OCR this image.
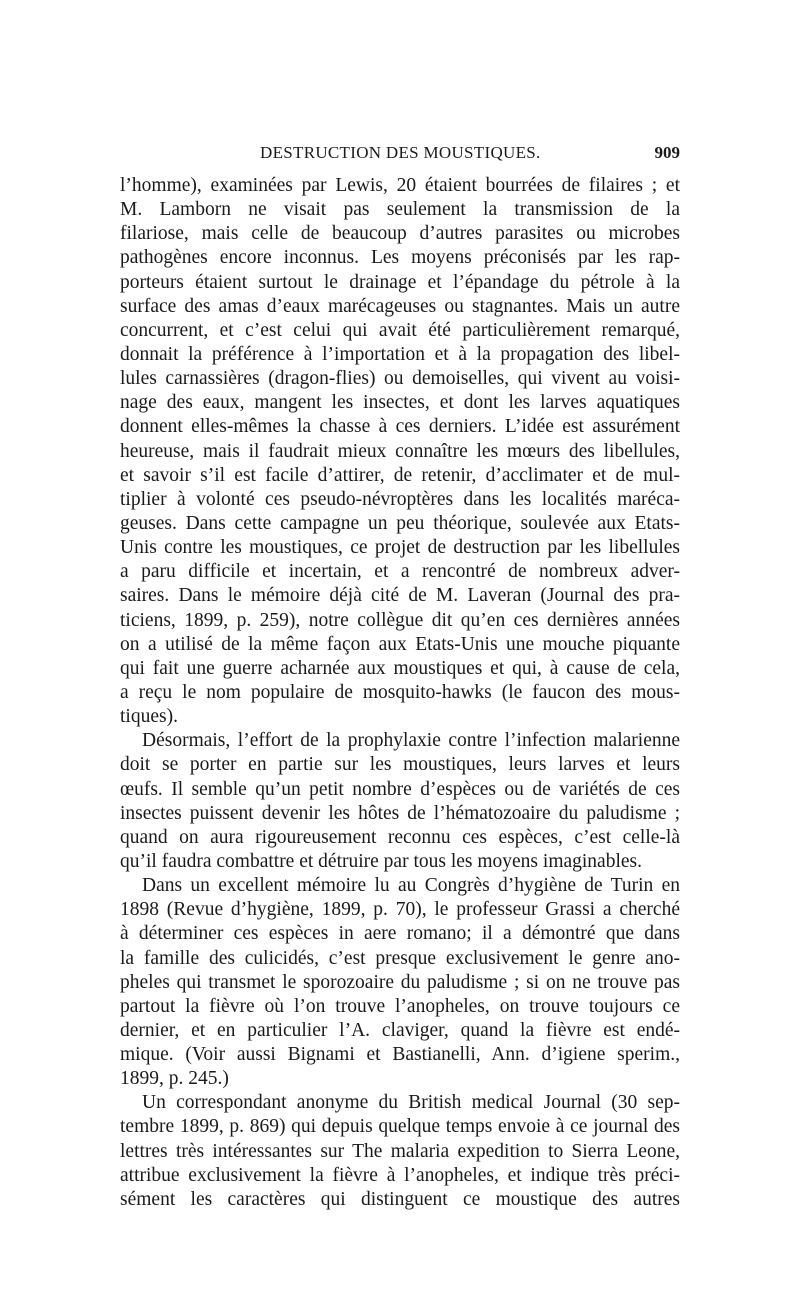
DESTRUCTION DES MOUSTIQUES.	909
l’homme), examinées par Lewis, 20 étaient bourrées de filaires ; et
M. Lamborn ne visait pas seulement la transmission de la
filariose, mais celle de beaucoup d’autres parasites ou microbes
pathogènes encore inconnus. Les moyens préconisés par les rap-
porteurs étaient surtout le drainage et l’épandage du pétrole à la
surface des amas d’eaux marécageuses ou stagnantes. Mais un autre
concurrent, et c’est celui qui avait été particulièrement remarqué,
donnait la préférence à l’importation et à la propagation des libel-
lules carnassières (dragon-flies) ou demoiselles, qui vivent au voisi-
nage des eaux, mangent les insectes, et dont les larves aquatiques
donnent elles-mêmes la chasse à ces derniers. L’idée est assurément
heureuse, mais il faudrait mieux connaître les mœurs des libellules,
et savoir s’il est facile d’attirer, de retenir, d’acclimater et de mul-
tiplier à volonté ces pseudo-névroptères dans les localités maréca-
geuses. Dans cette campagne un peu théorique, soulevée aux Etats-
Unis contre les moustiques, ce projet de destruction par les libellules
a paru difficile et incertain, et a rencontré de nombreux adver-
saires. Dans le mémoire déjà cité de M. Laveran (Journal des pra-
ticiens, 1899, p. 259), notre collègue dit qu’en ces dernières années
on a utilisé de la même façon aux Etats-Unis une mouche piquante
qui fait une guerre acharnée aux moustiques et qui, à cause de cela,
a reçu le nom populaire de mosquito-hawks (le faucon des mous-
tiques).
Désormais, l’effort de la prophylaxie contre l’infection malarienne
doit se porter en partie sur les moustiques, leurs larves et leurs
œufs. Il semble qu’un petit nombre d’espèces ou de variétés de ces
insectes puissent devenir les hôtes de l’hématozoaire du paludisme ;
quand on aura rigoureusement reconnu ces espèces, c’est celle-là
qu’il faudra combattre et détruire par tous les moyens imaginables.
Dans un excellent mémoire lu au Congrès d’hygiène de Turin en
1898 (Revue d’hygiène, 1899, p. 70), le professeur Grassi a cherché
à déterminer ces espèces in aere romano; il a démontré que dans
la famille des culicidés, c’est presque exclusivement le genre ano-
pheles qui transmet le sporozoaire du paludisme ; si on ne trouve pas
partout la fièvre où l’on trouve l’anopheles, on trouve toujours ce
dernier, et en particulier l’A. claviger, quand la fièvre est endé-
mique. (Voir aussi Bignami et Bastianelli, Ann. d’igiene sperim.,
1899, p. 245.)
Un correspondant anonyme du British medical Journal (30 sep-
tembre 1899, p. 869) qui depuis quelque temps envoie à ce journal des
lettres très intéressantes sur The malaria expedition to Sierra Leone,
attribue exclusivement la fièvre à l’anopheles, et indique très préci-
sément les caractères qui distinguent ce moustique des autres
